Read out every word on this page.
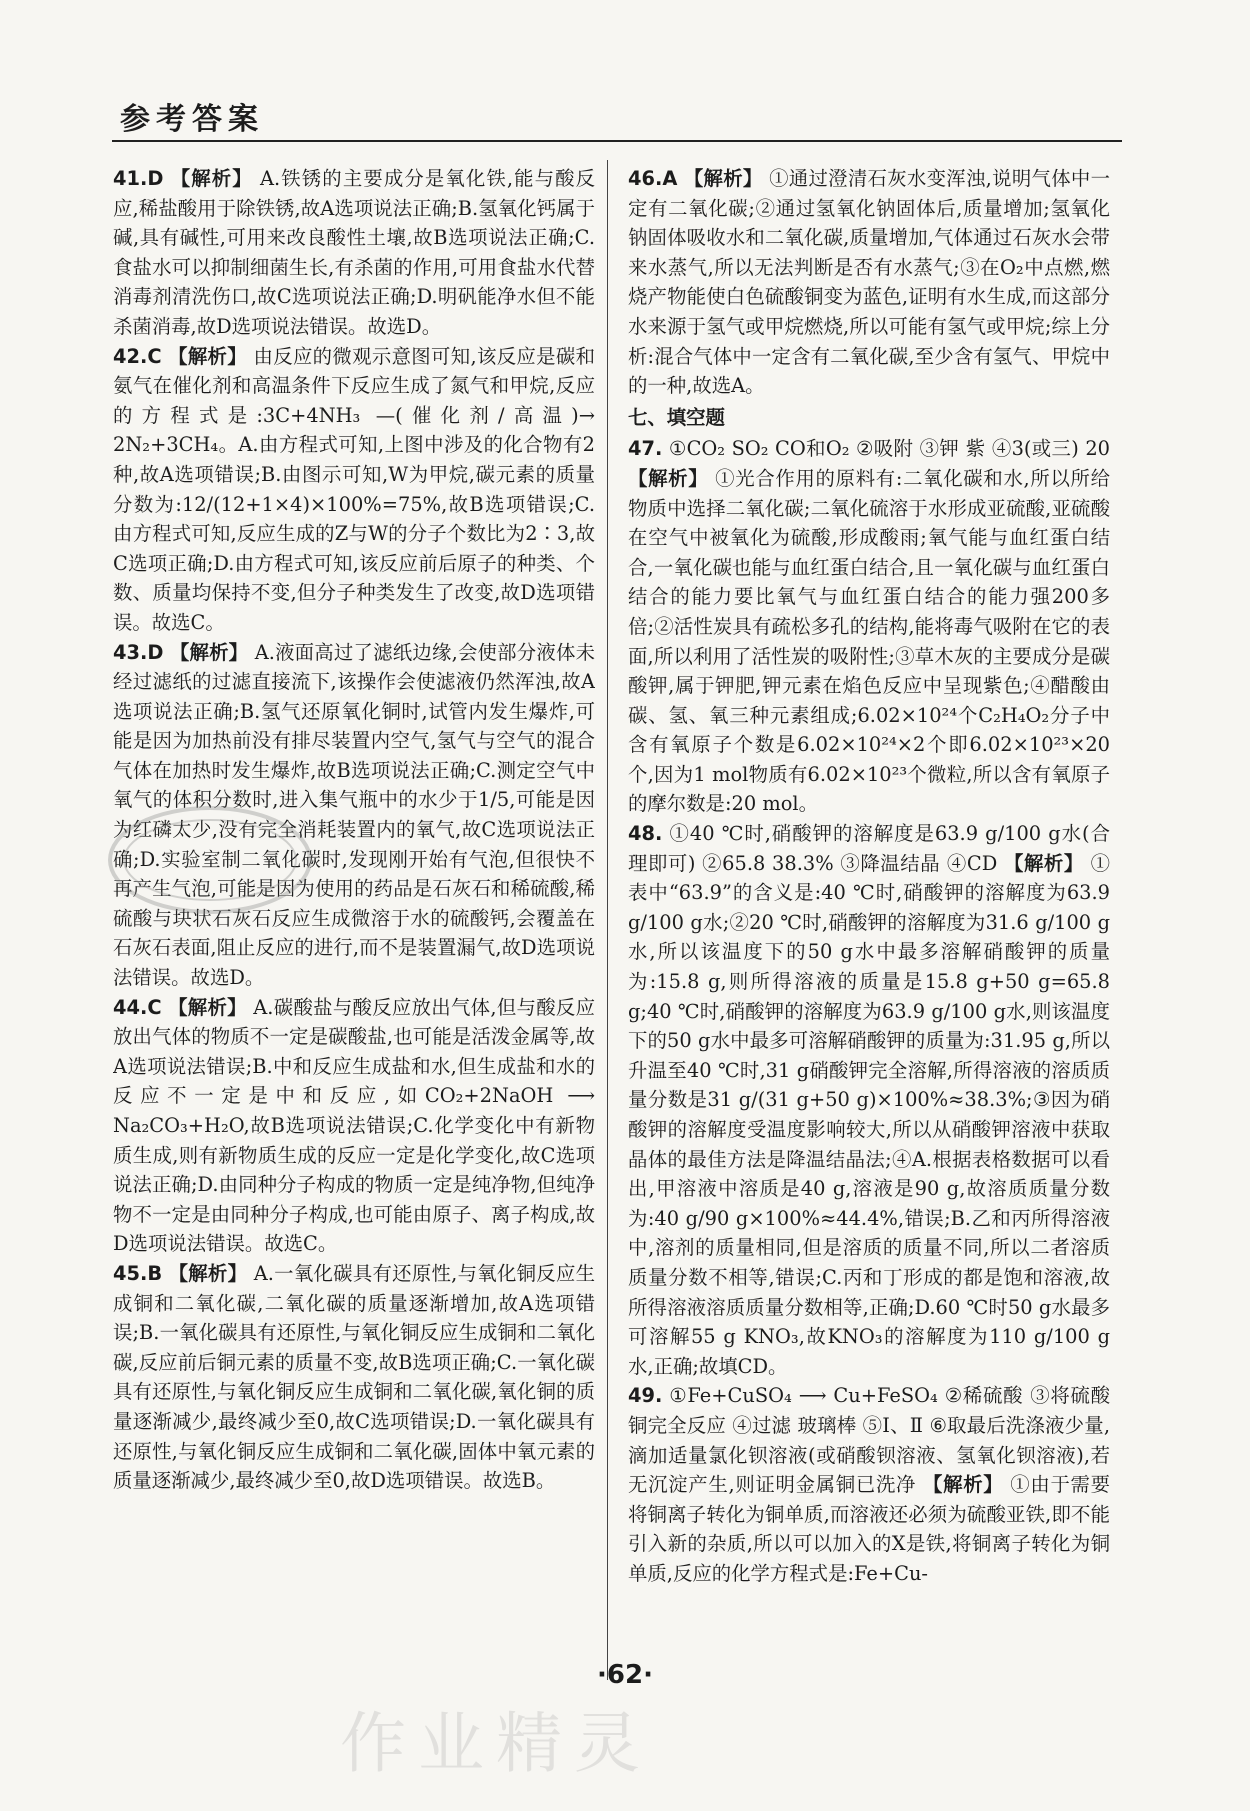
参考答案

41.D 【解析】 A.铁锈的主要成分是氧化铁,能与酸反应,稀盐酸用于除铁锈,故A选项说法正确;B.氢氧化钙属于碱,具有碱性,可用来改良酸性土壤,故B选项说法正确;C.食盐水可以抑制细菌生长,有杀菌的作用,可用食盐水代替消毒剂清洗伤口,故C选项说法正确;D.明矾能净水但不能杀菌消毒,故D选项说法错误。故选D。

42.C 【解析】 由反应的微观示意图可知,该反应是碳和氨气在催化剂和高温条件下反应生成了氮气和甲烷,反应的方程式是:3C+4NH₃ —(催化剂/高温)→ 2N₂+3CH₄。A.由方程式可知,上图中涉及的化合物有2种,故A选项错误;B.由图示可知,W为甲烷,碳元素的质量分数为:12/(12+1×4)×100%=75%,故B选项错误;C.由方程式可知,反应生成的Z与W的分子个数比为2∶3,故C选项正确;D.由方程式可知,该反应前后原子的种类、个数、质量均保持不变,但分子种类发生了改变,故D选项错误。故选C。

43.D 【解析】 A.液面高过了滤纸边缘,会使部分液体未经过滤纸的过滤直接流下,该操作会使滤液仍然浑浊,故A选项说法正确;B.氢气还原氧化铜时,试管内发生爆炸,可能是因为加热前没有排尽装置内空气,氢气与空气的混合气体在加热时发生爆炸,故B选项说法正确;C.测定空气中氧气的体积分数时,进入集气瓶中的水少于1/5,可能是因为红磷太少,没有完全消耗装置内的氧气,故C选项说法正确;D.实验室制二氧化碳时,发现刚开始有气泡,但很快不再产生气泡,可能是因为使用的药品是石灰石和稀硫酸,稀硫酸与块状石灰石反应生成微溶于水的硫酸钙,会覆盖在石灰石表面,阻止反应的进行,而不是装置漏气,故D选项说法错误。故选D。

44.C 【解析】 A.碳酸盐与酸反应放出气体,但与酸反应放出气体的物质不一定是碳酸盐,也可能是活泼金属等,故A选项说法错误;B.中和反应生成盐和水,但生成盐和水的反应不一定是中和反应,如CO₂+2NaOH ⟶ Na₂CO₃+H₂O,故B选项说法错误;C.化学变化中有新物质生成,则有新物质生成的反应一定是化学变化,故C选项说法正确;D.由同种分子构成的物质一定是纯净物,但纯净物不一定是由同种分子构成,也可能由原子、离子构成,故D选项说法错误。故选C。

45.B 【解析】 A.一氧化碳具有还原性,与氧化铜反应生成铜和二氧化碳,二氧化碳的质量逐渐增加,故A选项错误;B.一氧化碳具有还原性,与氧化铜反应生成铜和二氧化碳,反应前后铜元素的质量不变,故B选项正确;C.一氧化碳具有还原性,与氧化铜反应生成铜和二氧化碳,氧化铜的质量逐渐减少,最终减少至0,故C选项错误;D.一氧化碳具有还原性,与氧化铜反应生成铜和二氧化碳,固体中氧元素的质量逐渐减少,最终减少至0,故D选项错误。故选B。

46.A 【解析】 ①通过澄清石灰水变浑浊,说明气体中一定有二氧化碳;②通过氢氧化钠固体后,质量增加;氢氧化钠固体吸收水和二氧化碳,质量增加,气体通过石灰水会带来水蒸气,所以无法判断是否有水蒸气;③在O₂中点燃,燃烧产物能使白色硫酸铜变为蓝色,证明有水生成,而这部分水来源于氢气或甲烷燃烧,所以可能有氢气或甲烷;综上分析:混合气体中一定含有二氧化碳,至少含有氢气、甲烷中的一种,故选A。

七、填空题

47. ①CO₂ SO₂ CO和O₂ ②吸附 ③钾 紫 ④3(或三) 20 【解析】 ①光合作用的原料有:二氧化碳和水,所以所给物质中选择二氧化碳;二氧化硫溶于水形成亚硫酸,亚硫酸在空气中被氧化为硫酸,形成酸雨;氧气能与血红蛋白结合,一氧化碳也能与血红蛋白结合,且一氧化碳与血红蛋白结合的能力要比氧气与血红蛋白结合的能力强200多倍;②活性炭具有疏松多孔的结构,能将毒气吸附在它的表面,所以利用了活性炭的吸附性;③草木灰的主要成分是碳酸钾,属于钾肥,钾元素在焰色反应中呈现紫色;④醋酸由碳、氢、氧三种元素组成;6.02×10²⁴个C₂H₄O₂分子中含有氧原子个数是6.02×10²⁴×2个即6.02×10²³×20个,因为1 mol物质有6.02×10²³个微粒,所以含有氧原子的摩尔数是:20 mol。

48. ①40 ℃时,硝酸钾的溶解度是63.9 g/100 g水(合理即可) ②65.8 38.3% ③降温结晶 ④CD 【解析】 ①表中“63.9”的含义是:40 ℃时,硝酸钾的溶解度为63.9 g/100 g水;②20 ℃时,硝酸钾的溶解度为31.6 g/100 g水,所以该温度下的50 g水中最多溶解硝酸钾的质量为:15.8 g,则所得溶液的质量是15.8 g+50 g=65.8 g;40 ℃时,硝酸钾的溶解度为63.9 g/100 g水,则该温度下的50 g水中最多可溶解硝酸钾的质量为:31.95 g,所以升温至40 ℃时,31 g硝酸钾完全溶解,所得溶液的溶质质量分数是31 g/(31 g+50 g)×100%≈38.3%;③因为硝酸钾的溶解度受温度影响较大,所以从硝酸钾溶液中获取晶体的最佳方法是降温结晶法;④A.根据表格数据可以看出,甲溶液中溶质是40 g,溶液是90 g,故溶质质量分数为:40 g/90 g×100%≈44.4%,错误;B.乙和丙所得溶液中,溶剂的质量相同,但是溶质的质量不同,所以二者溶质质量分数不相等,错误;C.丙和丁形成的都是饱和溶液,故所得溶液溶质质量分数相等,正确;D.60 ℃时50 g水最多可溶解55 g KNO₃,故KNO₃的溶解度为110 g/100 g水,正确;故填CD。

49. ①Fe+CuSO₄ ⟶ Cu+FeSO₄ ②稀硫酸 ③将硫酸铜完全反应 ④过滤 玻璃棒 ⑤Ⅰ、Ⅱ ⑥取最后洗涤液少量,滴加适量氯化钡溶液(或硝酸钡溶液、氢氧化钡溶液),若无沉淀产生,则证明金属铜已洗净 【解析】 ①由于需要将铜离子转化为铜单质,而溶液还必须为硫酸亚铁,即不能引入新的杂质,所以可以加入的X是铁,将铜离子转化为铜单质,反应的化学方程式是:Fe+Cu-

·62·
作业精灵
